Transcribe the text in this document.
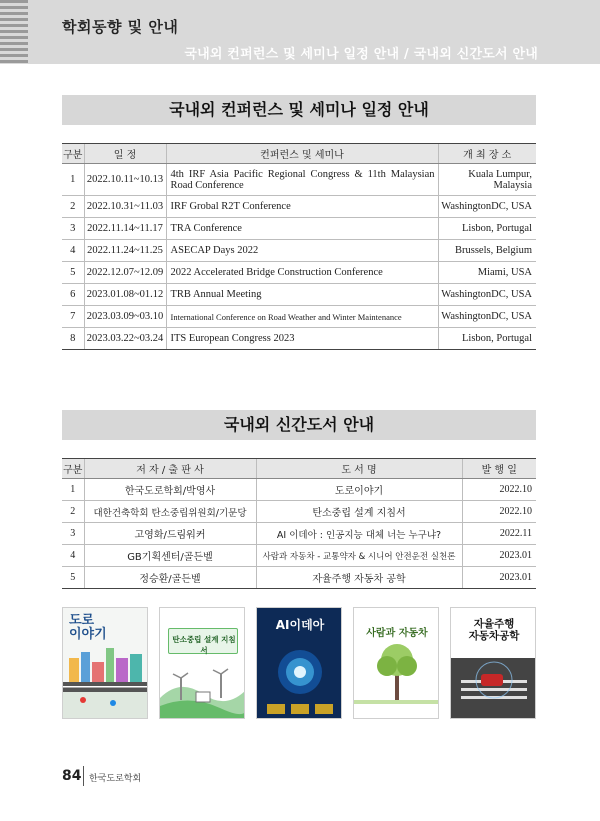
학회동향 및 안내
국내외 컨퍼런스 및 세미나 일정 안내 / 국내외 신간도서 안내
국내외 컨퍼런스 및 세미나 일정 안내
구분	일 정	컨퍼런스 및 세미나	개 최 장 소
1	2022.10.11~10.13	4th IRF Asia Pacific Regional Congress & 11th Malaysian Road Conference	Kuala Lumpur, Malaysia
2	2022.10.31~11.03	IRF Grobal R2T Conference	WashingtonDC, USA
3	2022.11.14~11.17	TRA Conference	Lisbon, Portugal
4	2022.11.24~11.25	ASECAP Days 2022	Brussels, Belgium
5	2022.12.07~12.09	2022 Accelerated Bridge Construction Conference	Miami, USA
6	2023.01.08~01.12	TRB Annual Meeting	WashingtonDC, USA
7	2023.03.09~03.10	International Conference on Road Weather and Winter Maintenance	WashingtonDC, USA
8	2023.03.22~03.24	ITS European Congress 2023	Lisbon, Portugal
국내외 신간도서 안내
구분	저 자 / 출 판 사	도 서 명	발 행 일
1	한국도로학회/박영사	도로이야기	2022.10
2	대한건축학회 탄소중립위원회/기문당	탄소중립 설계 지침서	2022.10
3	고영화/드림워커	AI 이데아 : 인공지능 대체 너는 누구냐?	2022.11
4	GB기획센터/골든벨	사람과 자동차 - 교통약자 & 시니어 안전운전 실천론	2023.01
5	정승환/골든벨	자율주행 자동차 공학	2023.01
도로
이야기	탄소중립 설계 지침서
AI이데아
사람과 자동차
자율주행
자동차공학
84 한국도로학회
